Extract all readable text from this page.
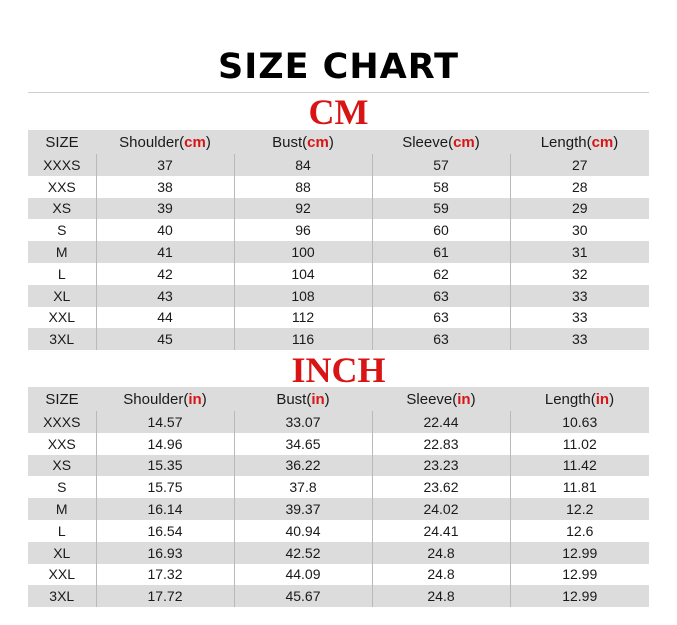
SIZE CHART
CM
SIZE	Shoulder(cm)	Bust(cm)	Sleeve(cm)	Length(cm)
XXXS	37	84	57	27
XXS	38	88	58	28
XS	39	92	59	29
S	40	96	60	30
M	41	100	61	31
L	42	104	62	32
XL	43	108	63	33
XXL	44	112	63	33
3XL	45	116	63	33
INCH
SIZE	Shoulder(in)	Bust(in)	Sleeve(in)	Length(in)
XXXS	14.57	33.07	22.44	10.63
XXS	14.96	34.65	22.83	11.02
XS	15.35	36.22	23.23	11.42
S	15.75	37.8	23.62	11.81
M	16.14	39.37	24.02	12.2
L	16.54	40.94	24.41	12.6
XL	16.93	42.52	24.8	12.99
XXL	17.32	44.09	24.8	12.99
3XL	17.72	45.67	24.8	12.99
